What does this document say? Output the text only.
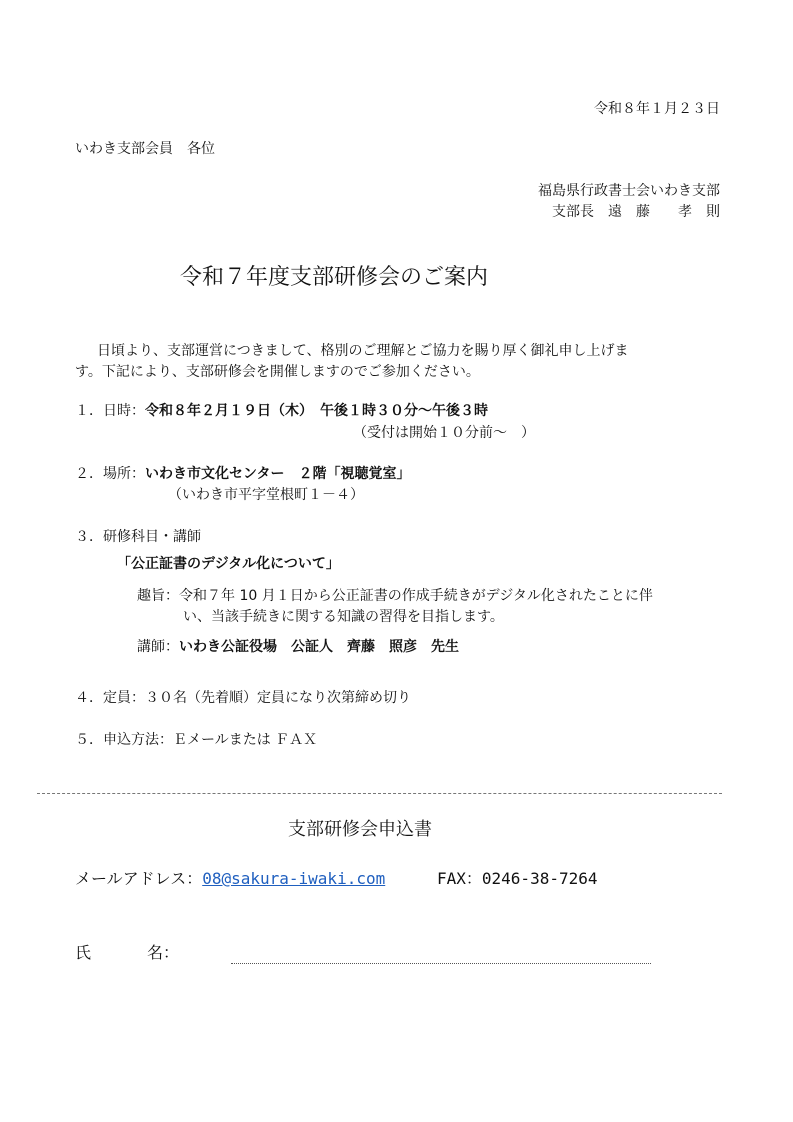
令和８年１月２３日
いわき支部会員　各位
福島県行政書士会いわき支部
支部長　遠　藤　　孝　則
令和７年度支部研修会のご案内
日頃より、支部運営につきまして、格別のご理解とご協力を賜り厚く御礼申し上げま
す。下記により、支部研修会を開催しますのでご参加ください。
１．日時：令和８年２月１９日（木）　午後１時３０分～午後３時
（受付は開始１０分前～　）
２．場所：いわき市文化センター　２階「視聴覚室」
（いわき市平字堂根町１－４）
３．研修科目・講師
「公正証書のデジタル化について」
趣旨：令和７年 10 月１日から公正証書の作成手続きがデジタル化されたことに伴
い、当該手続きに関する知識の習得を目指します。
講師：いわき公証役場　公証人　齊藤　照彦　先生
４．定員：３０名（先着順）定員になり次第締め切り
５．申込方法：Ｅメールまたは ＦＡＸ
支部研修会申込書
メールアドレス：08@sakura-iwaki.com	FAX：0246-38-7264
氏	名：
